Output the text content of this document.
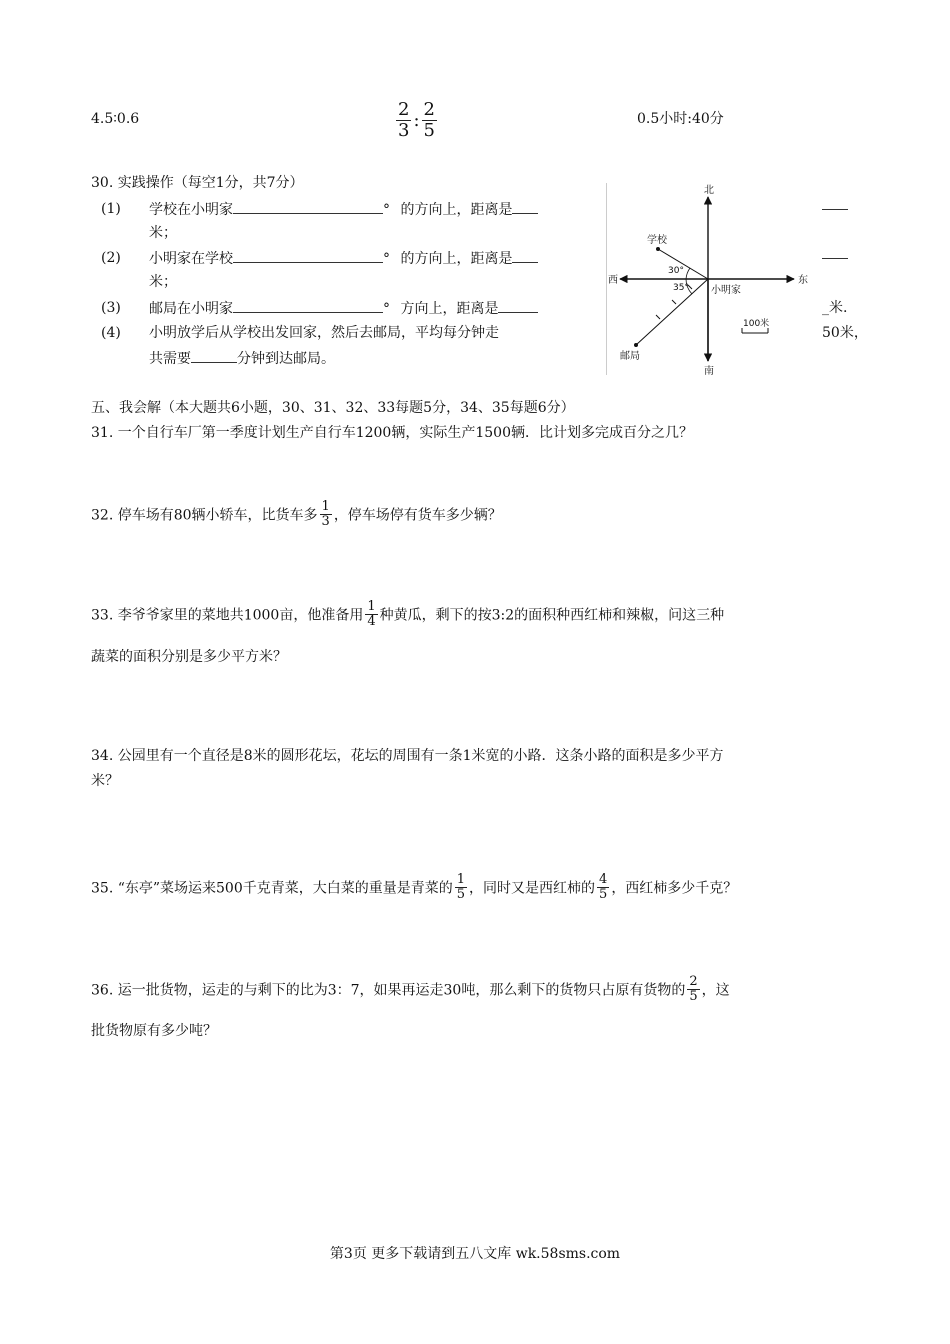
4.5∶0.6	$\frac{2}{3}$ : $\frac{2}{5}$	0.5小时:40分
30. 实践操作（每空1分，共7分）
(1) 学校在小明家	° 的方向上，距离是
米；
(2) 小明家在学校	° 的方向上，距离是
米；
(3) 邮局在小明家	° 方向上，距离是	_米.
(4) 小明放学后从学校出发回家，然后去邮局，平均每分钟走	50米，
共需要	分钟到达邮局。
北
南
东
西
学校
小明家
邮局
30°
35°
100米
五、我会解（本大题共6小题，30、31、32、33每题5分，34、35每题6分）
31. 一个自行车厂第一季度计划生产自行车1200辆，实际生产1500辆．比计划多完成百分之几？
32. 停车场有80辆小轿车，比货车多 $\frac{1}{3}$ ，停车场停有货车多少辆？
33. 李爷爷家里的菜地共1000亩，他准备用 $\frac{1}{4}$ 种黄瓜，剩下的按3:2的面积种西红柿和辣椒，问这三种
蔬菜的面积分别是多少平方米？
34. 公园里有一个直径是8米的圆形花坛，花坛的周围有一条1米宽的小路．这条小路的面积是多少平方
米？
35. “东亭”菜场运来500千克青菜，大白菜的重量是青菜的 $\frac{1}{5}$ ，同时又是西红柿的 $\frac{4}{5}$ ，西红柿多少千克？
36. 运一批货物，运走的与剩下的比为3：7，如果再运走30吨，那么剩下的货物只占原有货物的 $\frac{2}{5}$ ，这
批货物原有多少吨？
第3页 更多下载请到五八文库 wk.58sms.com
